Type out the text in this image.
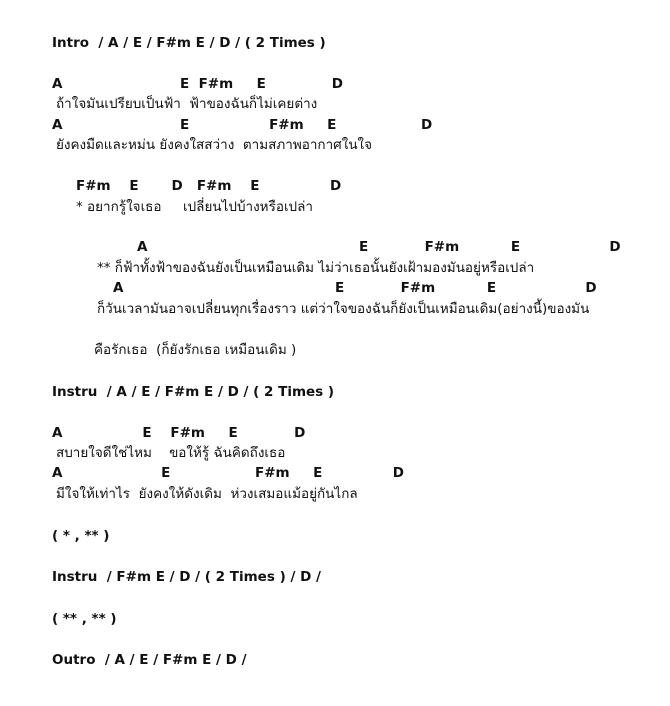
Intro  / A / E / F#m E / D / ( 2 Times )
A                         E  F#m     E              D
ถ้าใจมันเปรียบเป็นฟ้า  ฟ้าของฉันก็ไม่เคยต่าง
A                         E                 F#m     E                  D
ยังคงมืดและหม่น ยังคงใสสว่าง  ตามสภาพอากาศในใจ
F#m    E       D   F#m    E               D
* อยากรู้ใจเธอ     เปลี่ยนไปบ้างหรือเปล่า
A                                             E            F#m           E                   D
** ก็ฟ้าทั้งฟ้าของฉันยังเป็นเหมือนเดิม ไม่ว่าเธอนั้นยังเฝ้ามองมันอยู่หรือเปล่า
A                                             E            F#m           E                   D
ก็วันเวลามันอาจเปลี่ยนทุกเรื่องราว แต่ว่าใจของฉันก็ยังเป็นเหมือนเดิม(อย่างนี้)ของมัน
คือรักเธอ  (ก็ยังรักเธอ เหมือนเดิม )
Instru  / A / E / F#m E / D / ( 2 Times )
A                 E    F#m     E            D
สบายใจดีใช่ไหม    ขอให้รู้ ฉันคิดถึงเธอ
A                     E                  F#m     E               D
มีใจให้เท่าไร  ยังคงให้ดังเดิม  ห่วงเสมอแม้อยู่กันไกล
( * , ** )
Instru  / F#m E / D / ( 2 Times ) / D /
( ** , ** )
Outro  / A / E / F#m E / D /
